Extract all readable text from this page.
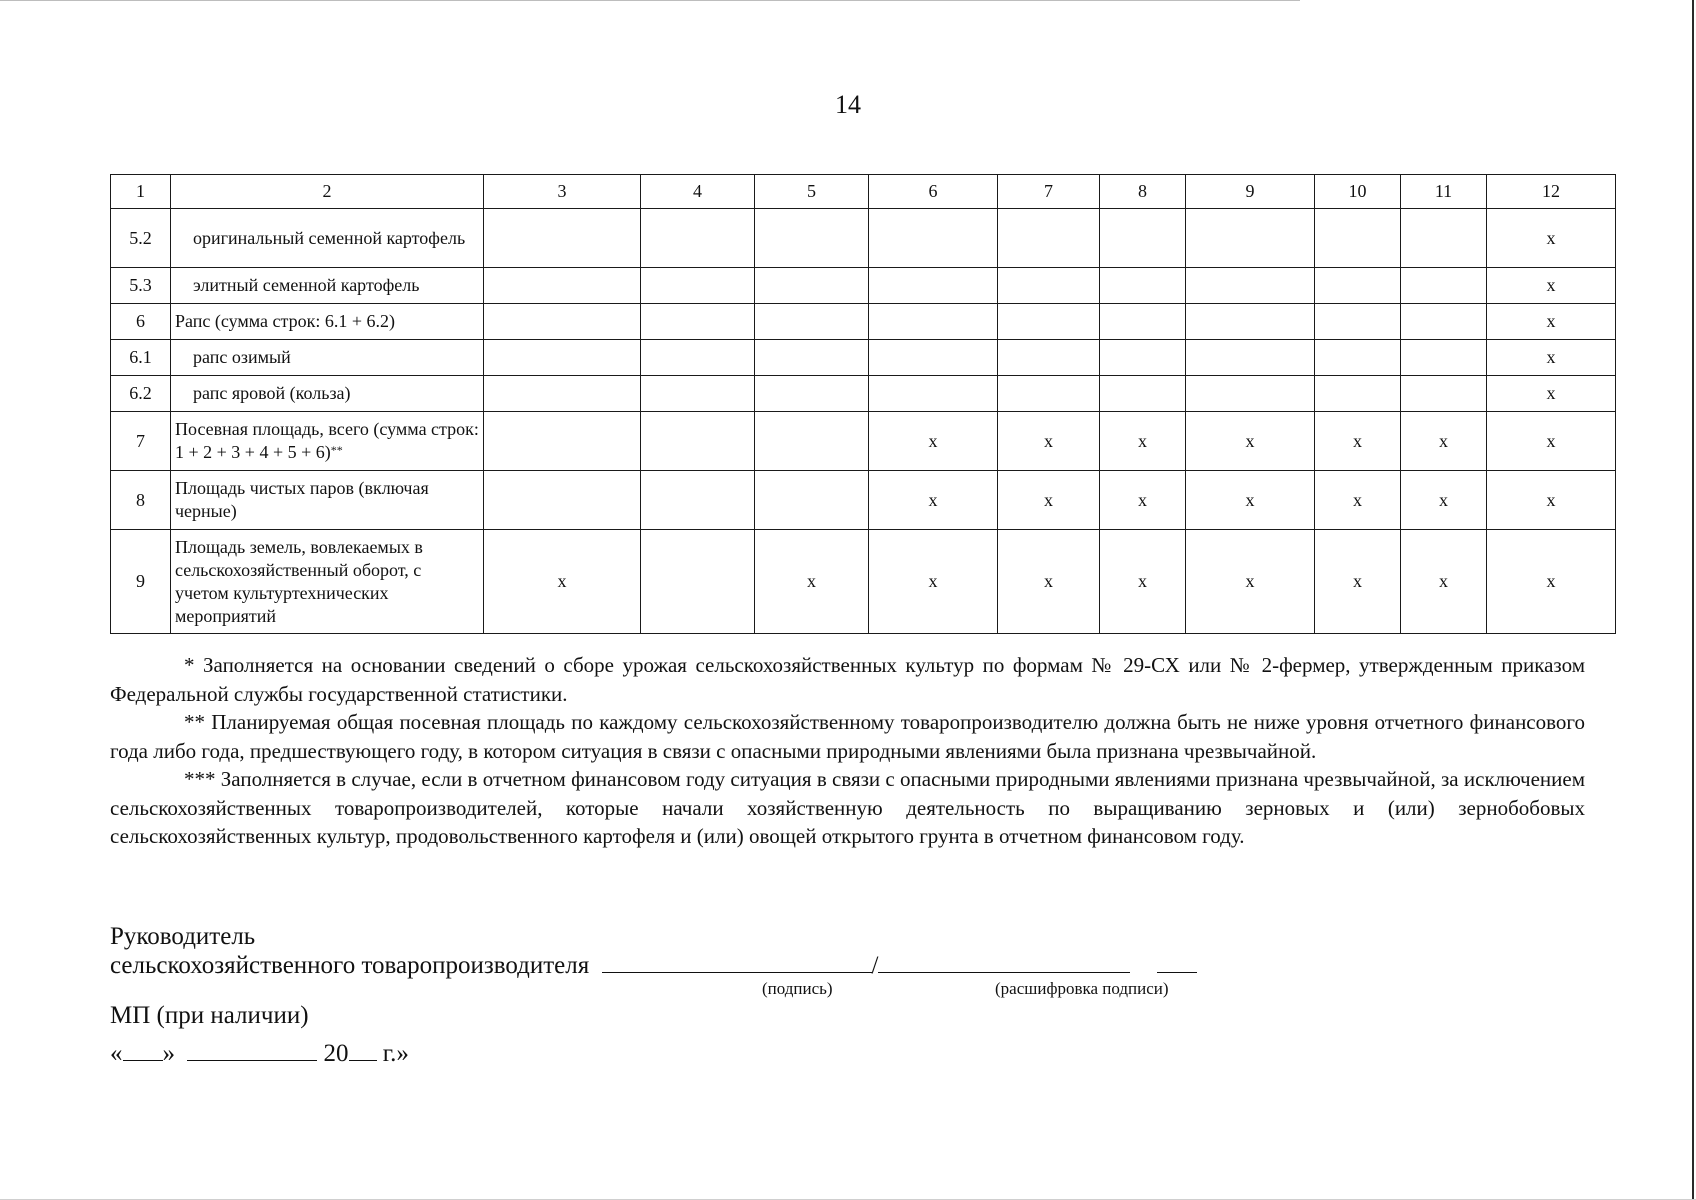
14
1	2	3	4	5	6	7	8	9	10	11	12
5.2	оригинальный семенной картофель										x
5.3	элитный семенной картофель										x
6	Рапс (сумма строк: 6.1 + 6.2)										x
6.1	рапс озимый										x
6.2	рапс яровой (кольза)										x
7	Посевная площадь, всего (сумма строк: 1 + 2 + 3 + 4 + 5 + 6)**				x	x	x	x	x	x	x
8	Площадь чистых паров (включая черные)				x	x	x	x	x	x	x
9	Площадь земель, вовлекаемых в сельскохозяйственный оборот, с учетом культуртехнических мероприятий	x		x	x	x	x	x	x	x	x

* Заполняется на основании сведений о сборе урожая сельскохозяйственных культур по формам № 29-СХ или № 2-фермер, утвержденным приказом Федеральной службы государственной статистики.

** Планируемая общая посевная площадь по каждому сельскохозяйственному товаропроизводителю должна быть не ниже уровня отчетного финансового года либо года, предшествующего году, в котором ситуация в связи с опасными природными явлениями была признана чрезвычайной.

*** Заполняется в случае, если в отчетном финансовом году ситуация в связи с опасными природными явлениями признана чрезвычайной, за исключением сельскохозяйственных товаропроизводителей, которые начали хозяйственную деятельность по выращиванию зерновых и (или) зернобобовых сельскохозяйственных культур, продовольственного картофеля и (или) овощей открытого грунта в отчетном финансовом году.

Руководитель
сельскохозяйственного товаропроизводителя	/
(подпись)	(расшифровка подписи)
МП (при наличии)
« »	20 г.»
